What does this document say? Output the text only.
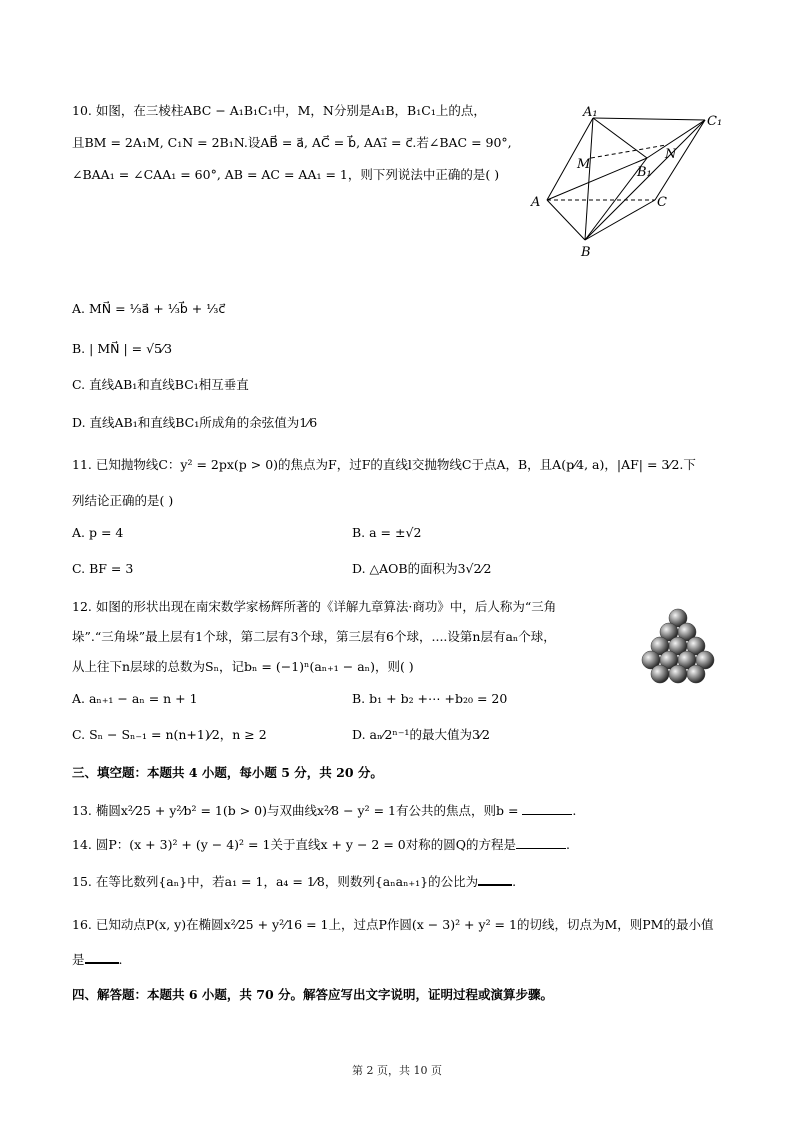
10. 如图，在三棱柱ABC − A₁B₁C₁中，M，N分别是A₁B，B₁C₁上的点，
且BM = 2A₁M, C₁N = 2B₁N.设AB⃗ = a⃗, AC⃗ = b⃗, AA₁⃗ = c⃗.若∠BAC = 90°,
∠BAA₁ = ∠CAA₁ = 60°, AB = AC = AA₁ = 1，则下列说法中正确的是( )
A₁
C₁
M
N
B₁
A	C
B
A. MN⃗ = ⅓a⃗ + ⅓b⃗ + ⅓c⃗
B. | MN⃗ | = √5⁄3
C. 直线AB₁和直线BC₁相互垂直
D. 直线AB₁和直线BC₁所成角的余弦值为1⁄6
11. 已知抛物线C：y² = 2px(p > 0)的焦点为F，过F的直线l交抛物线C于点A，B，且A(p⁄4, a)，|AF| = 3⁄2.下
列结论正确的是( )
A. p = 4	B. a = ±√2
C. BF = 3	D. △AOB的面积为3√2⁄2
12. 如图的形状出现在南宋数学家杨辉所著的《详解九章算法·商功》中，后人称为“三角
垛”.“三角垛”最上层有1个球，第二层有3个球，第三层有6个球，....设第n层有aₙ个球，
从上往下n层球的总数为Sₙ，记bₙ = (−1)ⁿ(aₙ₊₁ − aₙ)，则( )
A. aₙ₊₁ − aₙ = n + 1	B. b₁ + b₂ +⋯ +b₂₀ = 20
C. Sₙ − Sₙ₋₁ = n(n+1)⁄2，n ≥ 2	D. aₙ⁄2ⁿ⁻¹的最大值为3⁄2
三、填空题：本题共 4 小题，每小题 5 分，共 20 分。
13. 椭圆x²⁄25 + y²⁄b² = 1(b > 0)与双曲线x²⁄8 − y² = 1有公共的焦点，则b =	.
14. 圆P：(x + 3)² + (y − 4)² = 1关于直线x + y − 2 = 0对称的圆Q的方程是	.
15. 在等比数列{aₙ}中，若a₁ = 1，a₄ = 1⁄8，则数列{aₙaₙ₊₁}的公比为	.
16. 已知动点P(x, y)在椭圆x²⁄25 + y²⁄16 = 1上，过点P作圆(x − 3)² + y² = 1的切线，切点为M，则PM的最小值
是	.
四、解答题：本题共 6 小题，共 70 分。解答应写出文字说明，证明过程或演算步骤。
第 2 页，共 10 页
